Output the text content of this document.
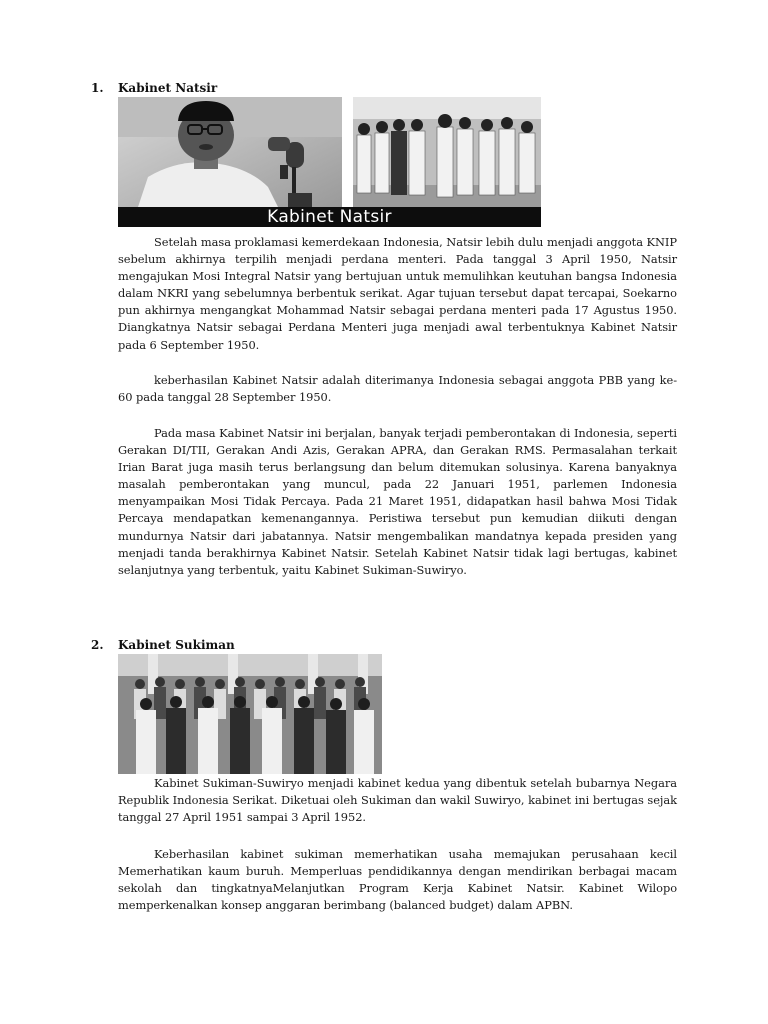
1. Kabinet Natsir
Kabinet Natsir

Setelah masa proklamasi kemerdekaan Indonesia, Natsir lebih dulu menjadi anggota KNIP sebelum akhirnya terpilih menjadi perdana menteri. Pada tanggal 3 April 1950, Natsir mengajukan Mosi Integral Natsir yang bertujuan untuk memulihkan keutuhan bangsa Indonesia dalam NKRI yang sebelumnya berbentuk serikat. Agar tujuan tersebut dapat tercapai, Soekarno pun akhirnya mengangkat Mohammad Natsir sebagai perdana menteri pada 17 Agustus 1950. Diangkatnya Natsir sebagai Perdana Menteri juga menjadi awal terbentuknya Kabinet Natsir pada 6 September 1950.

keberhasilan Kabinet Natsir adalah diterimanya Indonesia sebagai anggota PBB yang ke-60 pada tanggal 28 September 1950.

Pada masa Kabinet Natsir ini berjalan, banyak terjadi pemberontakan di Indonesia, seperti Gerakan DI/TII, Gerakan Andi Azis, Gerakan APRA, dan Gerakan RMS. Permasalahan terkait Irian Barat juga masih terus berlangsung dan belum ditemukan solusinya. Karena banyaknya masalah pemberontakan yang muncul, pada 22 Januari 1951, parlemen Indonesia menyampaikan Mosi Tidak Percaya. Pada 21 Maret 1951, didapatkan hasil bahwa Mosi Tidak Percaya mendapatkan kemenangannya. Peristiwa tersebut pun kemudian diikuti dengan mundurnya Natsir dari jabatannya. Natsir mengembalikan mandatnya kepada presiden yang menjadi tanda berakhirnya Kabinet Natsir. Setelah Kabinet Natsir tidak lagi bertugas, kabinet selanjutnya yang terbentuk, yaitu Kabinet Sukiman-Suwiryo.

2. Kabinet Sukiman

Kabinet Sukiman-Suwiryo menjadi kabinet kedua yang dibentuk setelah bubarnya Negara Republik Indonesia Serikat. Diketuai oleh Sukiman dan wakil Suwiryo, kabinet ini bertugas sejak tanggal 27 April 1951 sampai 3 April 1952.

Keberhasilan kabinet sukiman memerhatikan usaha memajukan perusahaan kecil Memerhatikan kaum buruh. Memperluas pendidikannya dengan mendirikan berbagai macam sekolah dan tingkatnyaMelanjutkan Program Kerja Kabinet Natsir. Kabinet Wilopo memperkenalkan konsep anggaran berimbang (balanced budget) dalam APBN.
